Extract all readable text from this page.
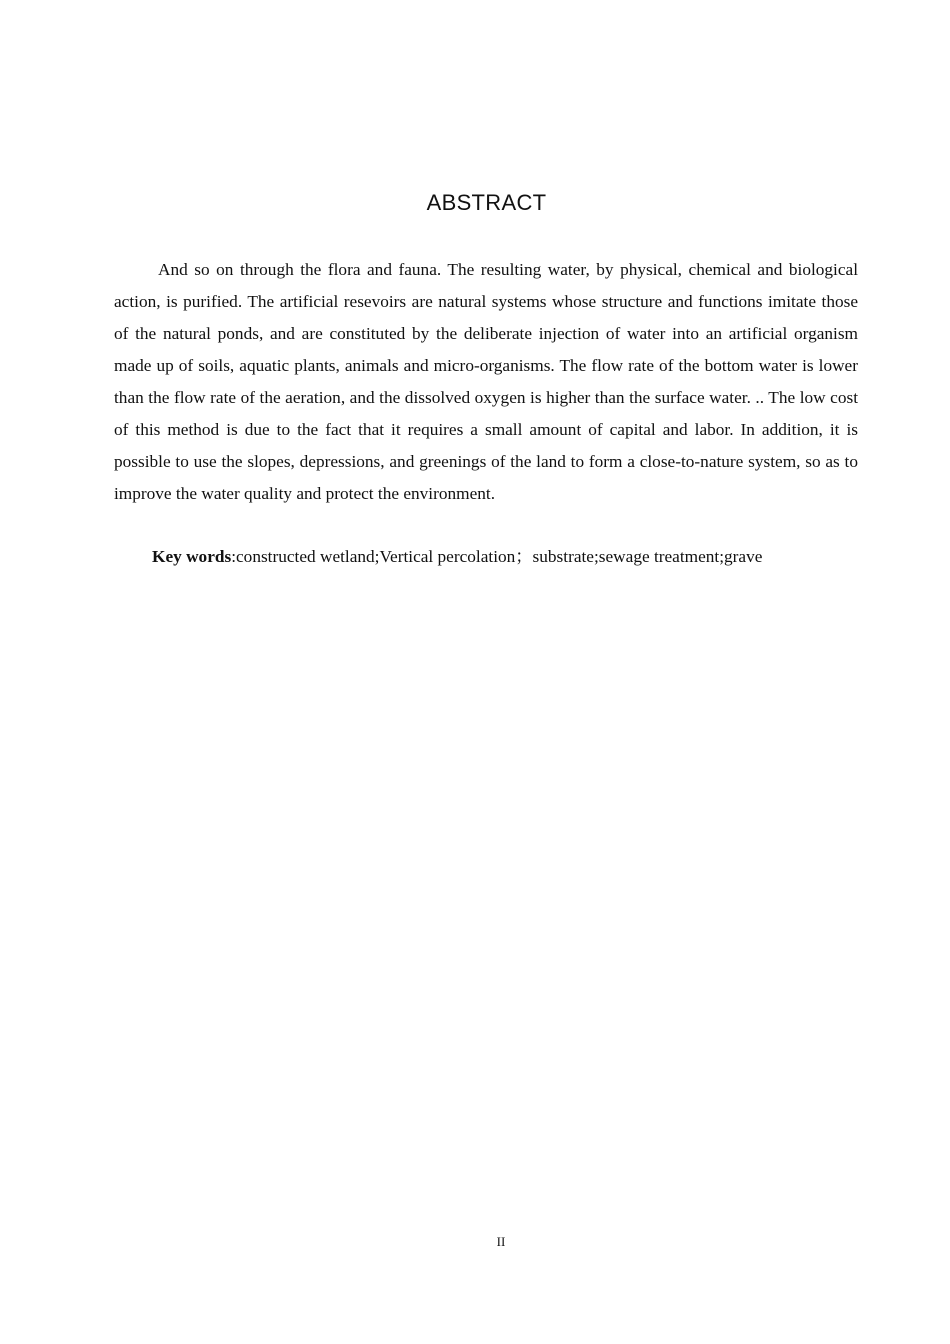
ABSTRACT

And so on through the flora and fauna. The resulting water, by physical, chemical and biological action, is purified. The artificial resevoirs are natural systems whose structure and functions imitate those of the natural ponds, and are constituted by the deliberate injection of water into an artificial organism made up of soils, aquatic plants, animals and micro-organisms. The flow rate of the bottom water is lower than the flow rate of the aeration, and the dissolved oxygen is higher than the surface water. .. The low cost of this method is due to the fact that it requires a small amount of capital and labor. In addition, it is possible to use the slopes, depressions, and greenings of the land to form a close-to-nature system, so as to improve the water quality and protect the environment.

Key words:constructed wetland;Vertical percolation；substrate;sewage treatment;grave

II
